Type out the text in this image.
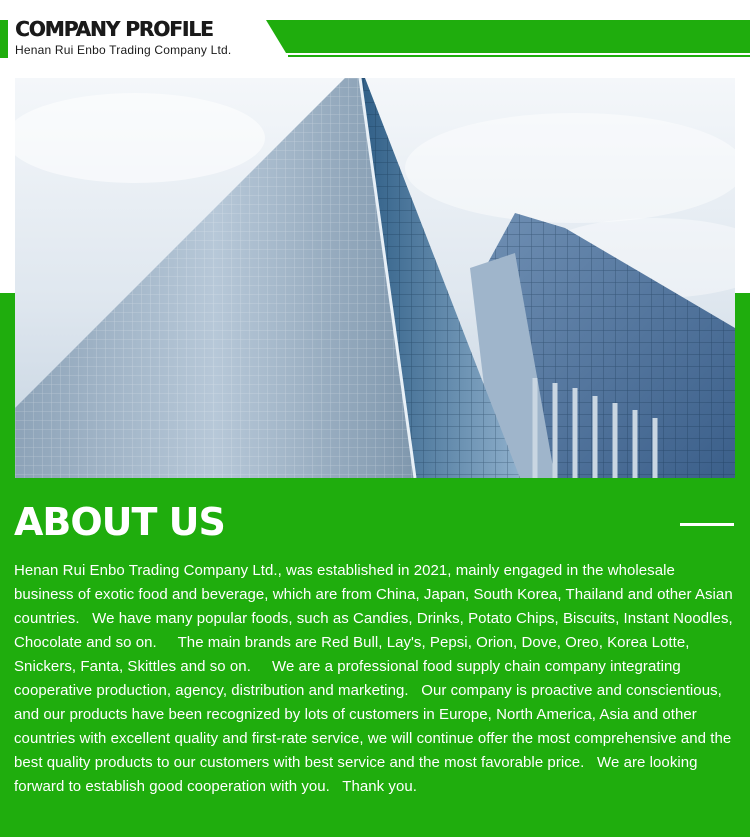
COMPANY PROFILE
Henan Rui Enbo Trading Company Ltd.
ABOUT US

Henan Rui Enbo Trading Company Ltd., was established in 2021, mainly engaged in the wholesale business of exotic food and beverage, which are from China, Japan, South Korea, Thailand and other Asian countries.   We have many popular foods, such as Candies, Drinks, Potato Chips, Biscuits, Instant Noodles, Chocolate and so on.     The main brands are Red Bull, Lay's, Pepsi, Orion, Dove, Oreo, Korea Lotte, Snickers, Fanta, Skittles and so on.     We are a professional food supply chain company integrating cooperative production, agency, distribution and marketing.   Our company is proactive and conscientious, and our products have been recognized by lots of customers in Europe, North America, Asia and other countries with excellent quality and first-rate service, we will continue offer the most comprehensive and the best quality products to our customers with best service and the most favorable price.   We are looking forward to establish good cooperation with you.   Thank you.
